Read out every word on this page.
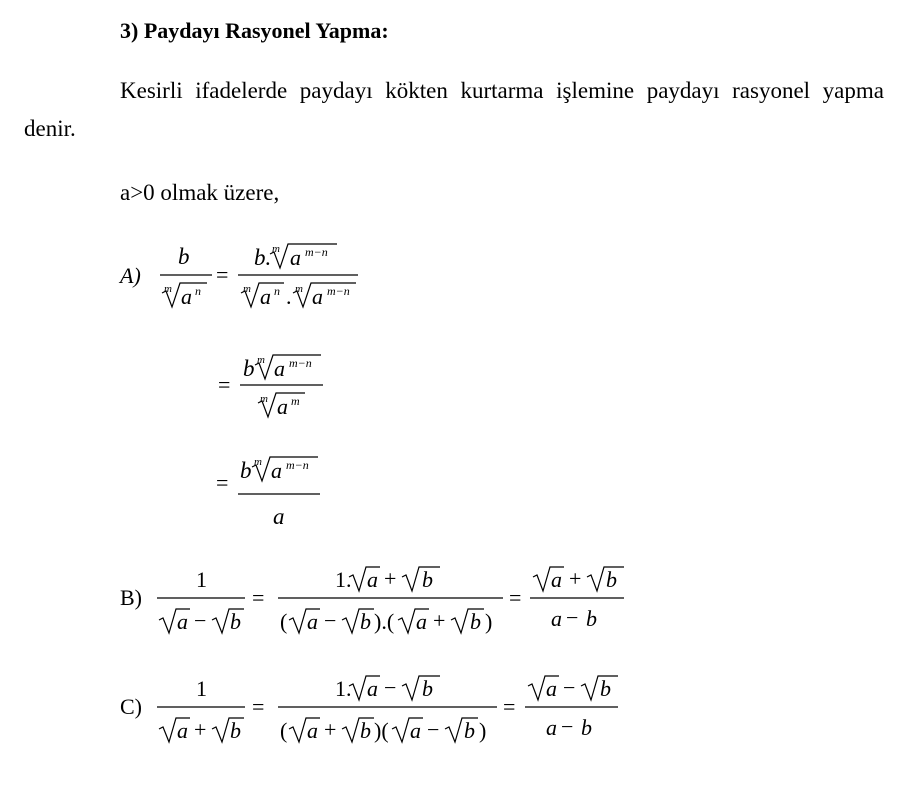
3) Paydayı Rasyonel Yapma:
Kesirli ifadelerde paydayı kökten kurtarma işlemine paydayı rasyonel yapma denir.
a>0 olmak üzere,
A)
b
m a n
=
b. m a m−n
m a n . m a m−n
=
b m a m−n
m a m
= b m a m−n
a
B)
1
a − b
=
1. a + b
( a − b ).( a + b )
=
a + b
a − b
C)
1
a + b
=
1. a − b
( a + b )( a − b )
=
a − b
a − b
